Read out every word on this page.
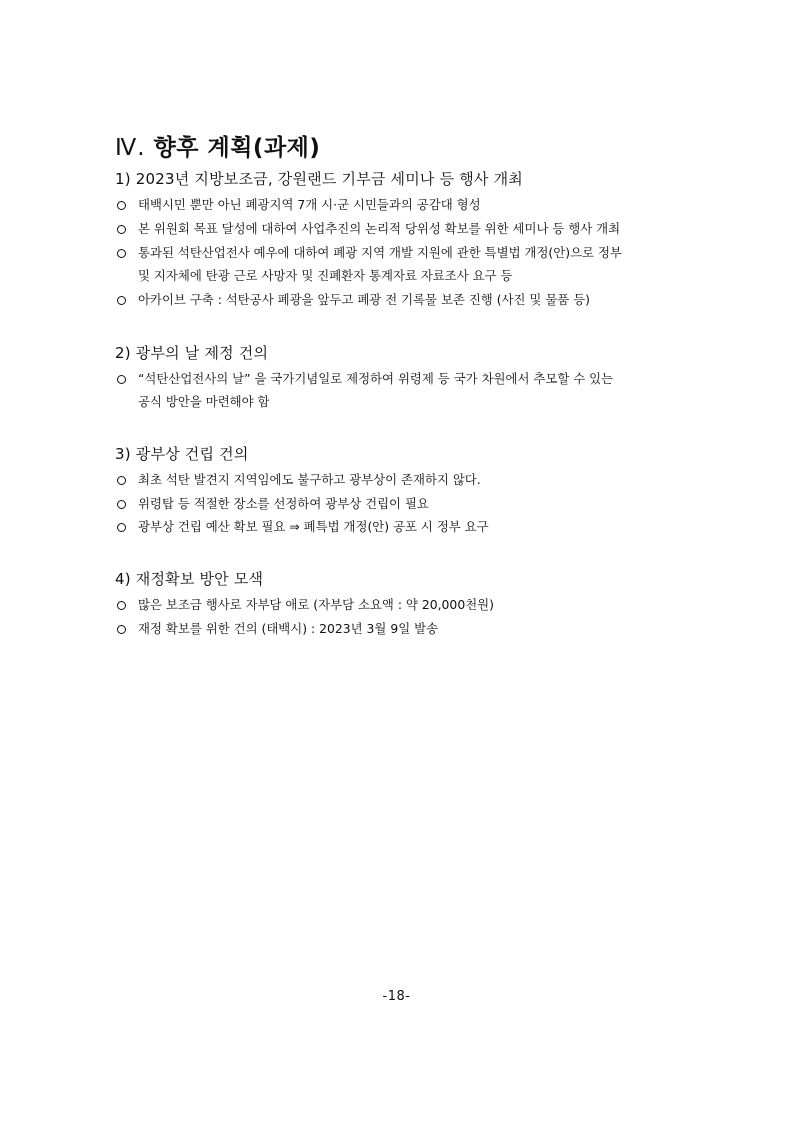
Ⅳ. 향후 계획(과제)
1) 2023년 지방보조금, 강원랜드 기부금 세미나 등 행사 개최
태백시민 뿐만 아닌 폐광지역 7개 시·군 시민들과의 공감대 형성
본 위원회 목표 달성에 대하여 사업추진의 논리적 당위성 확보를 위한 세미나 등 행사 개최
통과된 석탄산업전사 예우에 대하여 폐광 지역 개발 지원에 관한 특별법 개정(안)으로 정부
및 지자체에 탄광 근로 사망자 및 진폐환자 통계자료 자료조사 요구 등
아카이브 구축 : 석탄공사 폐광을 앞두고 폐광 전 기록물 보존 진행 (사진 및 물품 등)
2) 광부의 날 제정 건의
“석탄산업전사의 날” 을 국가기념일로 제정하여 위령제 등 국가 차원에서 추모할 수 있는
공식 방안을 마련해야 함
3) 광부상 건립 건의
최초 석탄 발견지 지역임에도 불구하고 광부상이 존재하지 않다.
위령탑 등 적절한 장소를 선정하여 광부상 건립이 필요
광부상 건립 예산 확보 필요 ⇒ 폐특법 개정(안) 공포 시 정부 요구
4) 재정확보 방안 모색
많은 보조금 행사로 자부담 애로 (자부담 소요액 : 약 20,000천원)
재정 확보를 위한 건의 (태백시) : 2023년 3월 9일 발송
-18-
